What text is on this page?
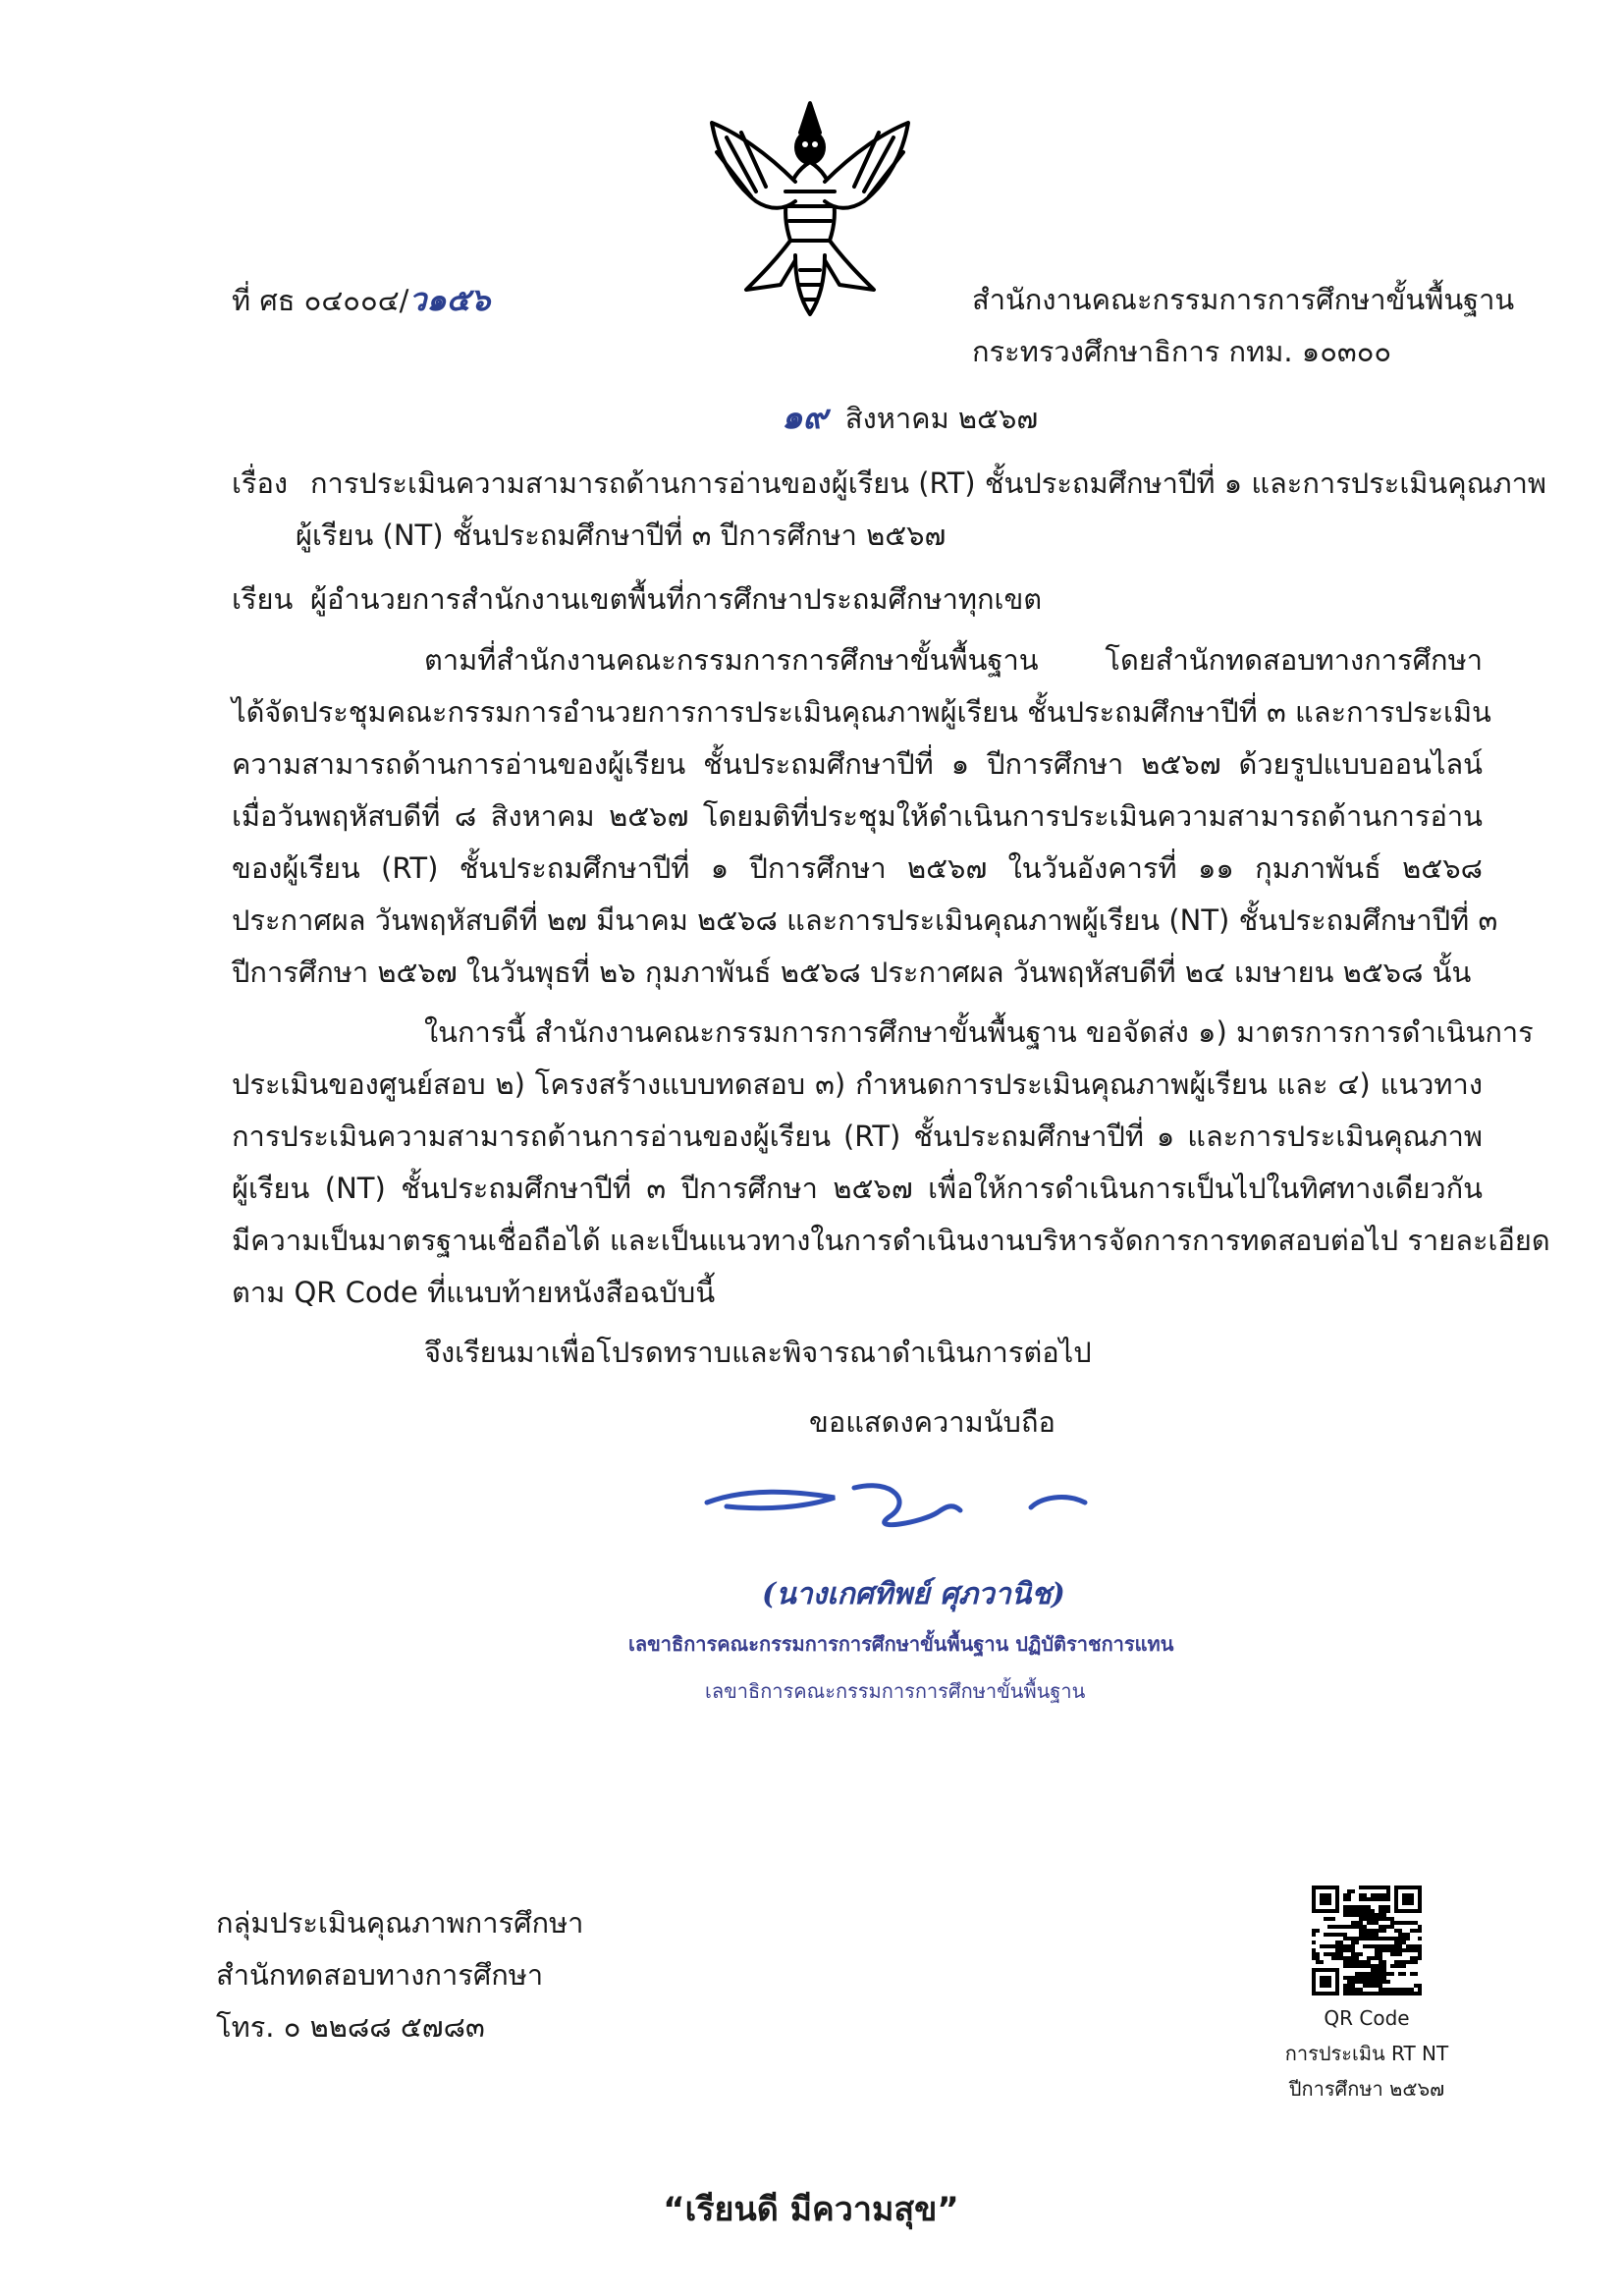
ที่ ศธ ๐๔๐๐๔/ว๑๕๖	สำนักงานคณะกรรมการการศึกษาขั้นพื้นฐาน
กระทรวงศึกษาธิการ กทม. ๑๐๓๐๐
๑๙ สิงหาคม ๒๕๖๗
เรื่อง การประเมินความสามารถด้านการอ่านของผู้เรียน (RT) ชั้นประถมศึกษาปีที่ ๑ และการประเมินคุณภาพ
ผู้เรียน (NT) ชั้นประถมศึกษาปีที่ ๓ ปีการศึกษา ๒๕๖๗
เรียน ผู้อำนวยการสำนักงานเขตพื้นที่การศึกษาประถมศึกษาทุกเขต
ตามที่สำนักงานคณะกรรมการการศึกษาขั้นพื้นฐาน โดยสำนักทดสอบทางการศึกษา
ได้จัดประชุมคณะกรรมการอำนวยการการประเมินคุณภาพผู้เรียน ชั้นประถมศึกษาปีที่ ๓ และการประเมิน
ความสามารถด้านการอ่านของผู้เรียน ชั้นประถมศึกษาปีที่ ๑ ปีการศึกษา ๒๕๖๗ ด้วยรูปแบบออนไลน์
เมื่อวันพฤหัสบดีที่ ๘ สิงหาคม ๒๕๖๗ โดยมติที่ประชุมให้ดำเนินการประเมินความสามารถด้านการอ่าน
ของผู้เรียน (RT) ชั้นประถมศึกษาปีที่ ๑ ปีการศึกษา ๒๕๖๗ ในวันอังคารที่ ๑๑ กุมภาพันธ์ ๒๕๖๘
ประกาศผล วันพฤหัสบดีที่ ๒๗ มีนาคม ๒๕๖๘ และการประเมินคุณภาพผู้เรียน (NT) ชั้นประถมศึกษาปีที่ ๓
ปีการศึกษา ๒๕๖๗ ในวันพุธที่ ๒๖ กุมภาพันธ์ ๒๕๖๘ ประกาศผล วันพฤหัสบดีที่ ๒๔ เมษายน ๒๕๖๘ นั้น
ในการนี้ สำนักงานคณะกรรมการการศึกษาขั้นพื้นฐาน ขอจัดส่ง ๑) มาตรการการดำเนินการ
ประเมินของศูนย์สอบ ๒) โครงสร้างแบบทดสอบ ๓) กำหนดการประเมินคุณภาพผู้เรียน และ ๔) แนวทาง
การประเมินความสามารถด้านการอ่านของผู้เรียน (RT) ชั้นประถมศึกษาปีที่ ๑ และการประเมินคุณภาพ
ผู้เรียน (NT) ชั้นประถมศึกษาปีที่ ๓ ปีการศึกษา ๒๕๖๗ เพื่อให้การดำเนินการเป็นไปในทิศทางเดียวกัน
มีความเป็นมาตรฐานเชื่อถือได้ และเป็นแนวทางในการดำเนินงานบริหารจัดการการทดสอบต่อไป รายละเอียด
ตาม QR Code ที่แนบท้ายหนังสือฉบับนี้
จึงเรียนมาเพื่อโปรดทราบและพิจารณาดำเนินการต่อไป
ขอแสดงความนับถือ
(นางเกศทิพย์ ศุภวานิช)
เลขาธิการคณะกรรมการการศึกษาขั้นพื้นฐาน ปฏิบัติราชการแทน
เลขาธิการคณะกรรมการการศึกษาขั้นพื้นฐาน
กลุ่มประเมินคุณภาพการศึกษา
สำนักทดสอบทางการศึกษา
โทร. ๐ ๒๒๘๘ ๕๗๘๓	QR Code
การประเมิน RT NT
ปีการศึกษา ๒๕๖๗
“เรียนดี มีความสุข”
